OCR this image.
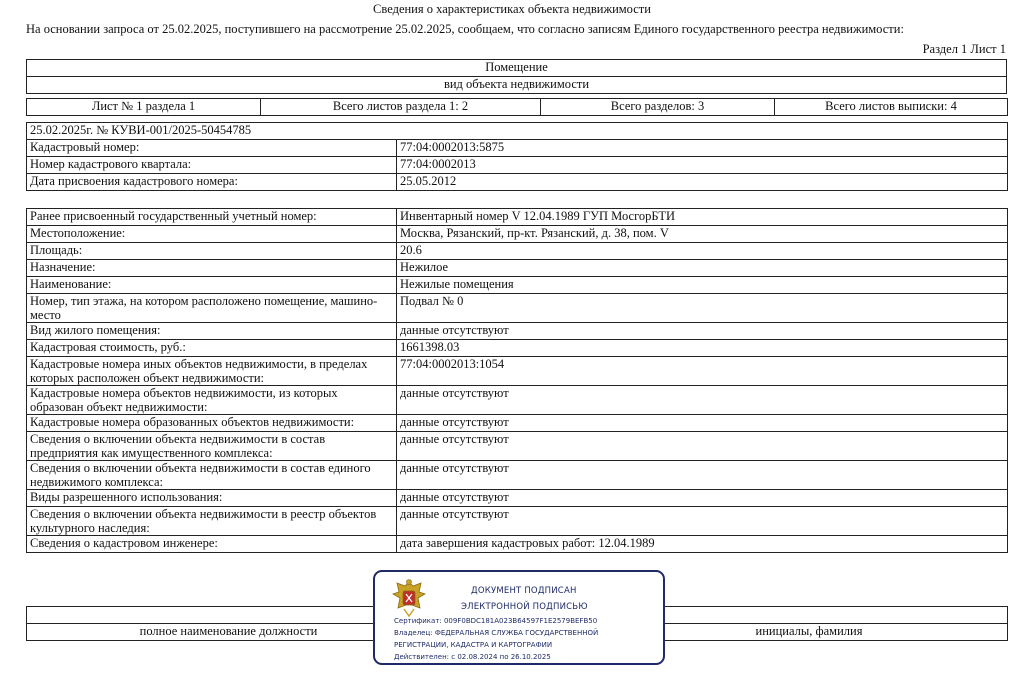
Сведения о характеристиках объекта недвижимости
На основании запроса от 25.02.2025, поступившего на рассмотрение 25.02.2025, сообщаем, что согласно записям Единого государственного реестра недвижимости:
Раздел 1 Лист 1
Помещение
вид объекта недвижимости
Лист № 1 раздела 1	Всего листов раздела 1: 2	Всего разделов: 3	Всего листов выписки: 4
25.02.2025г. № КУВИ-001/2025-50454785	
Кадастровый номер:	77:04:0002013:5875
Номер кадастрового квартала:	77:04:0002013
Дата присвоения кадастрового номера:	25.05.2012
Ранее присвоенный государственный учетный номер:	Инвентарный номер V 12.04.1989 ГУП МосгорБТИ
Местоположение:	Москва, Рязанский, пр-кт. Рязанский, д. 38, пом. V
Площадь:	20.6
Назначение:	Нежилое
Наименование:	Нежилые помещения
Номер, тип этажа, на котором расположено помещение, машино-место	Подвал № 0
Вид жилого помещения:	данные отсутствуют
Кадастровая стоимость, руб.:	1661398.03
Кадастровые номера иных объектов недвижимости, в пределах которых расположен объект недвижимости:	77:04:0002013:1054
Кадастровые номера объектов недвижимости, из которых образован объект недвижимости:	данные отсутствуют
Кадастровые номера образованных объектов недвижимости:	данные отсутствуют
Сведения о включении объекта недвижимости в состав предприятия как имущественного комплекса:	данные отсутствуют
Сведения о включении объекта недвижимости в состав единого недвижимого комплекса:	данные отсутствуют
Виды разрешенного использования:	данные отсутствуют
Сведения о включении объекта недвижимости в реестр объектов культурного наследия:	данные отсутствуют
Сведения о кадастровом инженере:	дата завершения кадастровых работ: 12.04.1989

полное наименование должности		инициалы, фамилия
ДОКУМЕНТ ПОДПИСАН
ЭЛЕКТРОННОЙ ПОДПИСЬЮ
Сертификат: 009F0BDC181A023B64597F1E2579BEFB50
Владелец: ФЕДЕРАЛЬНАЯ СЛУЖБА ГОСУДАРСТВЕННОЙ
РЕГИСТРАЦИИ, КАДАСТРА И КАРТОГРАФИИ
Действителен: с 02.08.2024 по 26.10.2025
